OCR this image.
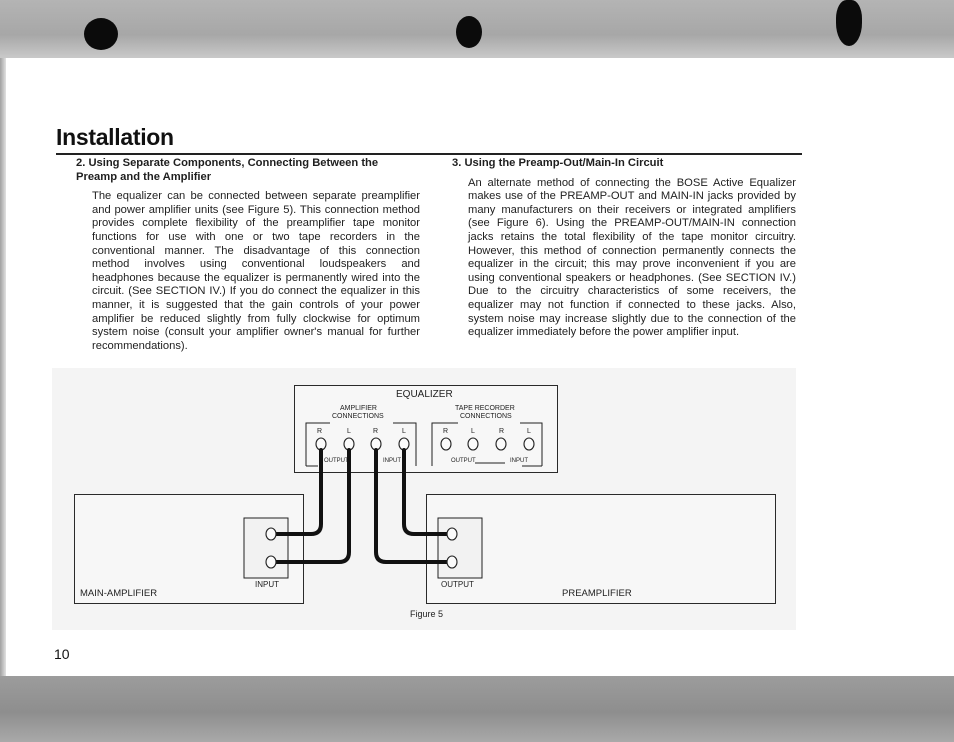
Installation
2. Using Separate Components, Connecting Between the Preamp and the Amplifier

The equalizer can be connected between separate preamplifier and power amplifier units (see Figure 5). This connection method provides complete flexibility of the preamplifier tape monitor functions for use with one or two tape recorders in the conventional manner. The disadvantage of this connection method involves using conventional loudspeakers and headphones because the equalizer is permanently wired into the circuit. (See SECTION IV.) If you do connect the equalizer in this manner, it is suggested that the gain controls of your power amplifier be reduced slightly from fully clockwise for optimum system noise (consult your amplifier owner's manual for further recommendations).

3. Using the Preamp-Out/Main-In Circuit

An alternate method of connecting the BOSE Active Equalizer makes use of the PREAMP-OUT and MAIN-IN jacks provided by many manufacturers on their receivers or integrated amplifiers (see Figure 6). Using the PREAMP-OUT/MAIN-IN connection jacks retains the total flexibility of the tape monitor circuitry. However, this method of connection permanently connects the equalizer in the circuit; this may prove inconvenient if you are using conventional speakers or headphones. (See SECTION IV.) Due to the circuitry characteristics of some receivers, the equalizer may not function if connected to these jacks. Also, system noise may increase slightly due to the connection of the equalizer immediately before the power amplifier input.

EQUALIZER
AMPLIFIER
CONNECTIONS
TAPE RECORDER
CONNECTIONS
R	L	R	L	R	L	R	L
OUTPUT	INPUT	OUTPUT	INPUT
MAIN-AMPLIFIER
INPUT
PREAMPLIFIER
OUTPUT
Figure 5
10
